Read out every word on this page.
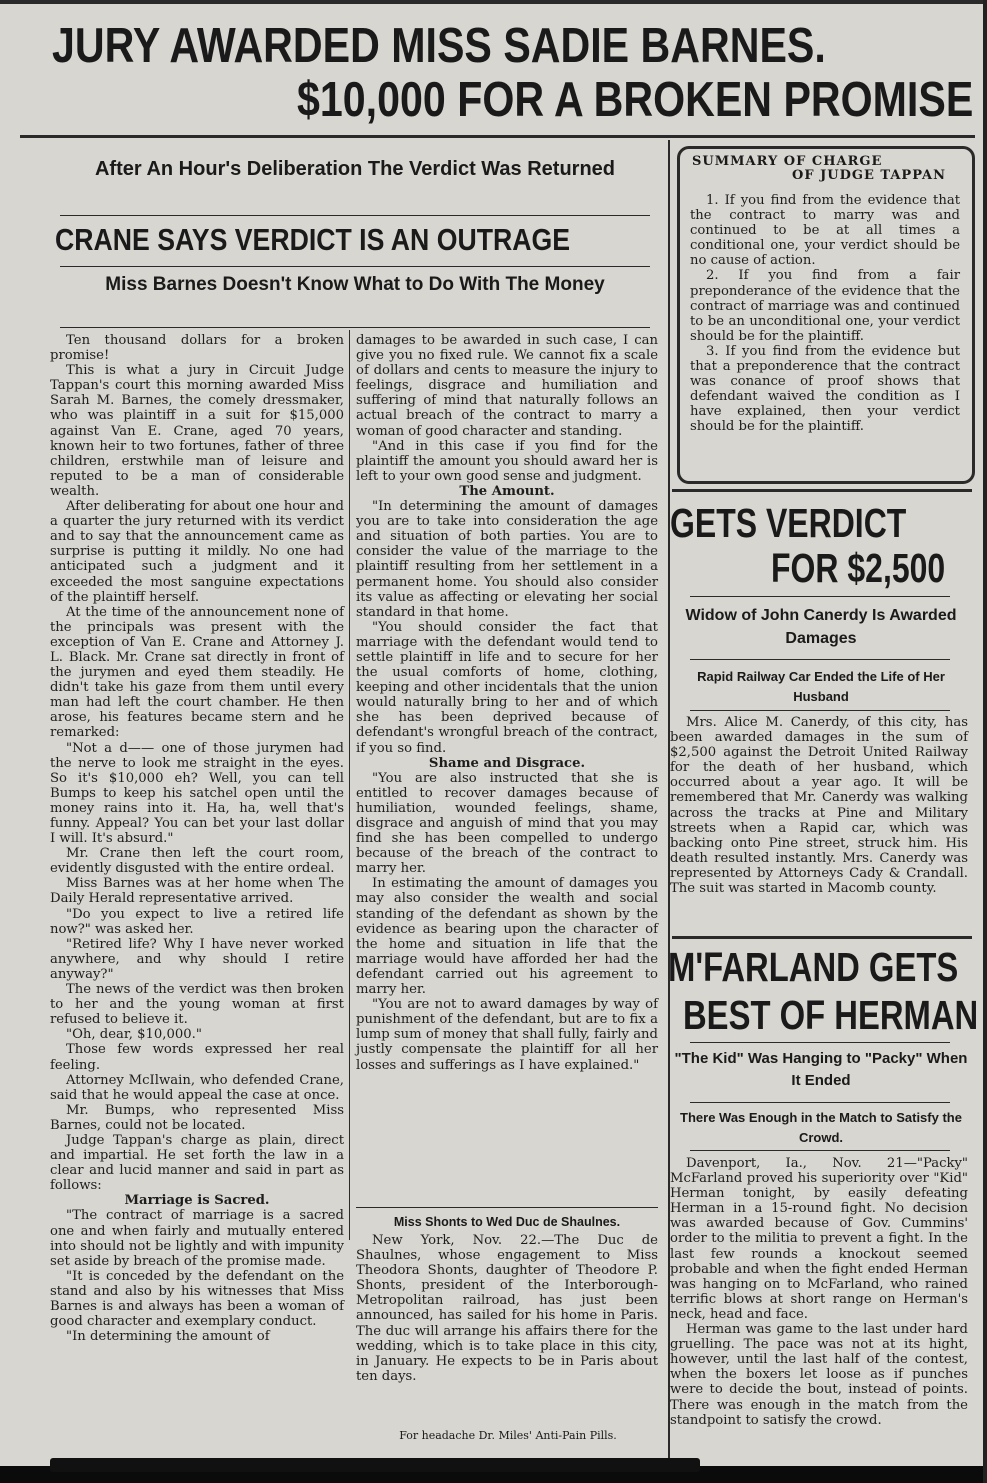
JURY AWARDED MISS SADIE BARNES.
$10,000 FOR A BROKEN PROMISE
After An Hour's Deliberation The Verdict Was Returned
CRANE SAYS VERDICT IS AN OUTRAGE
Miss Barnes Doesn't Know What to Do With The Money

Ten thousand dollars for a broken promise!

This is what a jury in Circuit Judge Tappan's court this morning awarded Miss Sarah M. Barnes, the comely dressmaker, who was plaintiff in a suit for $15,000 against Van E. Crane, aged 70 years, known heir to two fortunes, father of three children, erstwhile man of leisure and reputed to be a man of considerable wealth.

After deliberating for about one hour and a quarter the jury returned with its verdict and to say that the announcement came as surprise is putting it mildly. No one had anticipated such a judgment and it exceeded the most sanguine expectations of the plaintiff herself.

At the time of the announcement none of the principals was present with the exception of Van E. Crane and Attorney J. L. Black. Mr. Crane sat directly in front of the jurymen and eyed them steadily. He didn't take his gaze from them until every man had left the court chamber. He then arose, his features became stern and he remarked:

"Not a d—— one of those jurymen had the nerve to look me straight in the eyes. So it's $10,000 eh? Well, you can tell Bumps to keep his satchel open until the money rains into it. Ha, ha, well that's funny. Appeal? You can bet your last dollar I will. It's absurd."

Mr. Crane then left the court room, evidently disgusted with the entire ordeal.

Miss Barnes was at her home when The Daily Herald representative arrived.

"Do you expect to live a retired life now?" was asked her.

"Retired life? Why I have never worked anywhere, and why should I retire anyway?"

The news of the verdict was then broken to her and the young woman at first refused to believe it.

"Oh, dear, $10,000."

Those few words expressed her real feeling.

Attorney McIlwain, who defended Crane, said that he would appeal the case at once.

Mr. Bumps, who represented Miss Barnes, could not be located.

Judge Tappan's charge as plain, direct and impartial. He set forth the law in a clear and lucid manner and said in part as follows:

Marriage is Sacred.

"The contract of marriage is a sacred one and when fairly and mutually entered into should not be lightly and with impunity set aside by breach of the promise made.

"It is conceded by the defendant on the stand and also by his witnesses that Miss Barnes is and always has been a woman of good character and exemplary conduct.

"In determining the amount of

damages to be awarded in such case, I can give you no fixed rule. We cannot fix a scale of dollars and cents to measure the injury to feelings, disgrace and humiliation and suffering of mind that naturally follows an actual breach of the contract to marry a woman of good character and standing.

"And in this case if you find for the plaintiff the amount you should award her is left to your own good sense and judgment.

The Amount.

"In determining the amount of damages you are to take into consideration the age and situation of both parties. You are to consider the value of the marriage to the plaintiff resulting from her settlement in a permanent home. You should also consider its value as affecting or elevating her social standard in that home.

"You should consider the fact that marriage with the defendant would tend to settle plaintiff in life and to secure for her the usual comforts of home, clothing, keeping and other incidentals that the union would naturally bring to her and of which she has been deprived because of defendant's wrongful breach of the contract, if you so find.

Shame and Disgrace.

"You are also instructed that she is entitled to recover damages because of humiliation, wounded feelings, shame, disgrace and anguish of mind that you may find she has been compelled to undergo because of the breach of the contract to marry her.

In estimating the amount of damages you may also consider the wealth and social standing of the defendant as shown by the evidence as bearing upon the character of the home and situation in life that the marriage would have afforded her had the defendant carried out his agreement to marry her.

"You are not to award damages by way of punishment of the defendant, but are to fix a lump sum of money that shall fully, fairly and justly compensate the plaintiff for all her losses and sufferings as I have explained."

Miss Shonts to Wed Duc de Shaulnes.

New York, Nov. 22.—The Duc de Shaulnes, whose engagement to Miss Theodora Shonts, daughter of Theodore P. Shonts, president of the Interborough-Metropolitan railroad, has just been announced, has sailed for his home in Paris. The duc will arrange his affairs there for the wedding, which is to take place in this city, in January. He expects to be in Paris about ten days.

For headache Dr. Miles' Anti-Pain Pills.
SUMMARY OF CHARGE
OF JUDGE TAPPAN

1. If you find from the evidence that the contract to marry was and continued to be at all times a conditional one, your verdict should be no cause of action.

2. If you find from a fair preponderance of the evidence that the contract of marriage was and continued to be an unconditional one, your verdict should be for the plaintiff.

3. If you find from the evidence but that a preponderence that the contract was conance of proof shows that defendant waived the condition as I have explained, then your verdict should be for the plaintiff.

GETS VERDICT
FOR $2,500
Widow of John Canerdy Is Awarded Damages
Rapid Railway Car Ended the Life of Her Husband

Mrs. Alice M. Canerdy, of this city, has been awarded damages in the sum of $2,500 against the Detroit United Railway for the death of her husband, which occurred about a year ago. It will be remembered that Mr. Canerdy was walking across the tracks at Pine and Military streets when a Rapid car, which was backing onto Pine street, struck him. His death resulted instantly. Mrs. Canerdy was represented by Attorneys Cady & Crandall. The suit was started in Macomb county.

M'FARLAND GETS
BEST OF HERMAN
"The Kid" Was Hanging to "Packy" When It Ended
There Was Enough in the Match to Satisfy the Crowd.

Davenport, Ia., Nov. 21—"Packy" McFarland proved his superiority over "Kid" Herman tonight, by easily defeating Herman in a 15-round fight. No decision was awarded because of Gov. Cummins' order to the militia to prevent a fight. In the last few rounds a knockout seemed probable and when the fight ended Herman was hanging on to McFarland, who rained terrific blows at short range on Herman's neck, head and face.

Herman was game to the last under hard gruelling. The pace was not at its hight, however, until the last half of the contest, when the boxers let loose as if punches were to decide the bout, instead of points. There was enough in the match from the standpoint to satisfy the crowd.
